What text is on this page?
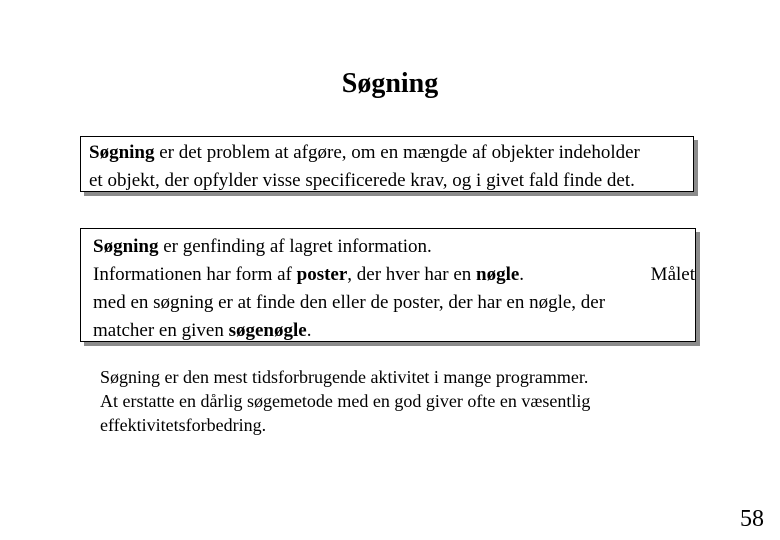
Søgning
Søgning er det problem at afgøre, om en mængde af objekter indeholder
et objekt, der opfylder visse specificerede krav, og i givet fald finde det.
Søgning er genfinding af lagret information.
Informationen har form af poster, der hver har en nøgle.	Målet
med en søgning er at finde den eller de poster, der har en nøgle, der
matcher en given søgenøgle.
Søgning er den mest tidsforbrugende aktivitet i mange programmer.
At erstatte en dårlig søgemetode med en god giver ofte en væsentlig
effektivitetsforbedring.
58
